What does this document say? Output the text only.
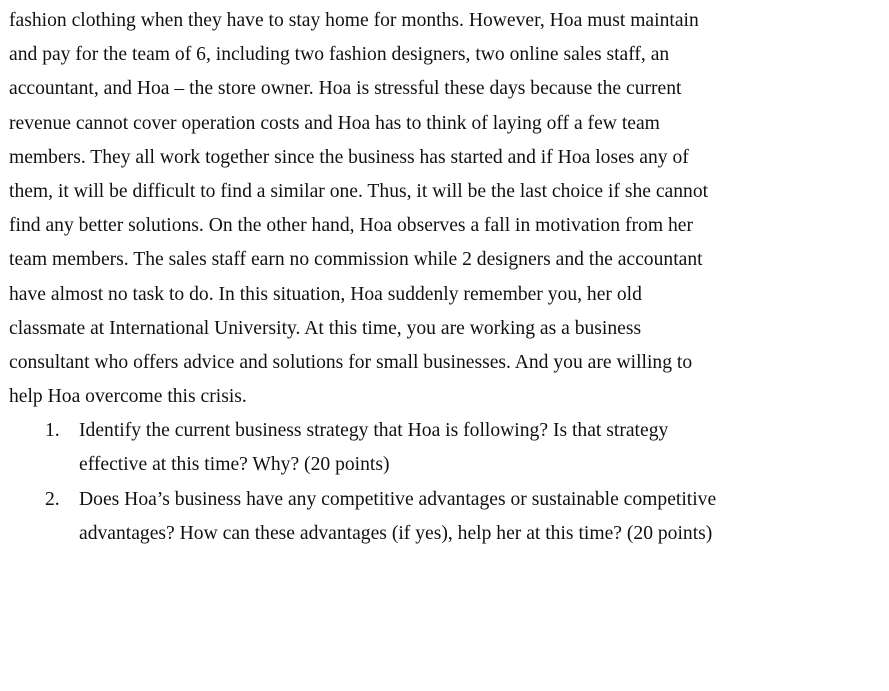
fashion clothing when they have to stay home for months. However, Hoa must maintain

and pay for the team of 6, including two fashion designers, two online sales staff, an

accountant, and Hoa – the store owner. Hoa is stressful these days because the current

revenue cannot cover operation costs and Hoa has to think of laying off a few team

members. They all work together since the business has started and if Hoa loses any of

them, it will be difficult to find a similar one. Thus, it will be the last choice if she cannot

find any better solutions. On the other hand, Hoa observes a fall in motivation from her

team members. The sales staff earn no commission while 2 designers and the accountant

have almost no task to do. In this situation, Hoa suddenly remember you, her old

classmate at International University. At this time, you are working as a business

consultant who offers advice and solutions for small businesses. And you are willing to

help Hoa overcome this crisis.

1. Identify the current business strategy that Hoa is following? Is that strategy

effective at this time? Why? (20 points)

2. Does Hoa’s business have any competitive advantages or sustainable competitive

advantages? How can these advantages (if yes), help her at this time? (20 points)
